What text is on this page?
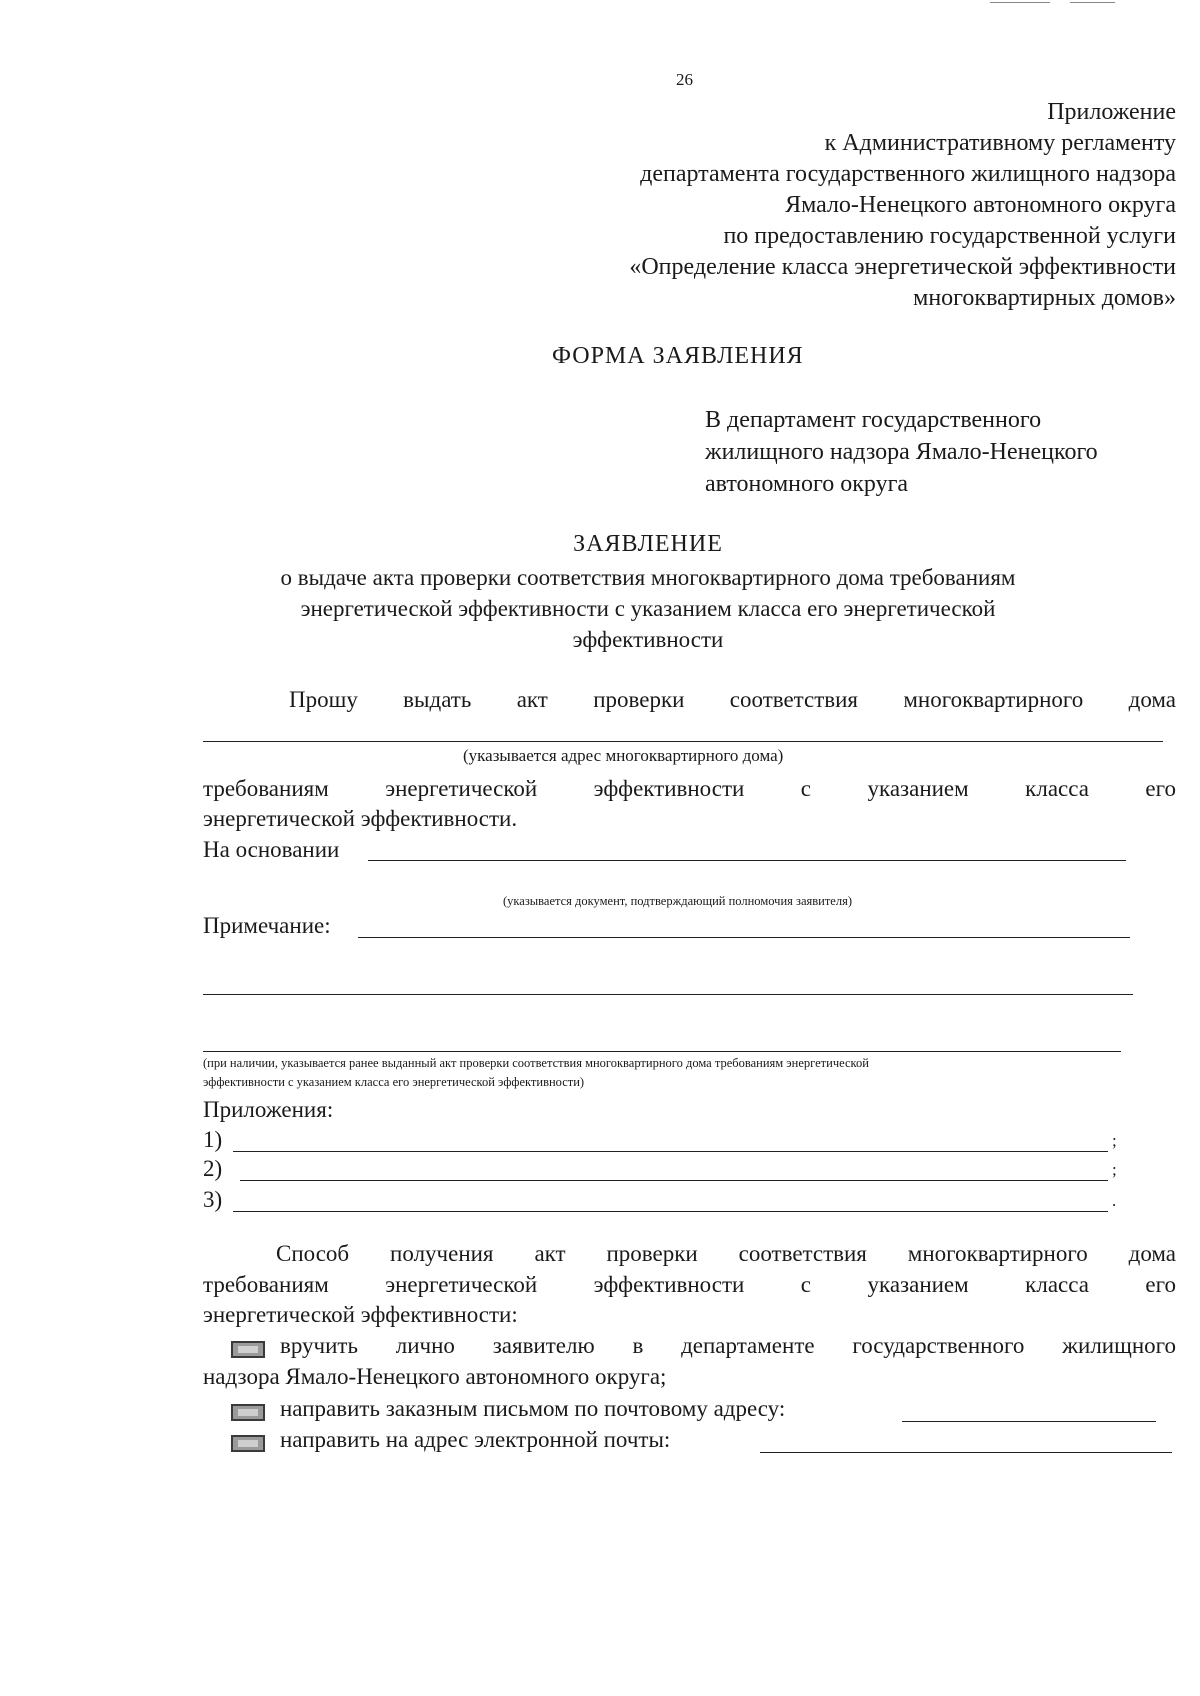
26
Приложение
к Административному регламенту
департамента государственного жилищного надзора
Ямало-Ненецкого автономного округа
по предоставлению государственной услуги
«Определение класса энергетической эффективности
многоквартирных домов»
ФОРМА ЗАЯВЛЕНИЯ
В департамент государственного
жилищного надзора Ямало-Ненецкого
автономного округа
ЗАЯВЛЕНИЕ
о выдаче акта проверки соответствия многоквартирного дома требованиям
энергетической эффективности с указанием класса его энергетической
эффективности
Прошу выдать акт проверки соответствия многоквартирного дома
(указывается адрес многоквартирного дома)
требованиям энергетической эффективности с указанием класса его
энергетической эффективности.
На основании
(указывается документ, подтверждающий полномочия заявителя)
Примечание:
(при наличии, указывается ранее выданный акт проверки соответствия многоквартирного дома требованиям энергетической
эффективности с указанием класса его энергетической эффективности)
Приложения:
1)	;
2)	;
3)	.
Способ получения акт проверки соответствия многоквартирного дома
требованиям энергетической эффективности с указанием класса его
энергетической эффективности:
вручить лично заявителю в департаменте государственного жилищного
надзора Ямало-Ненецкого автономного округа;
направить заказным письмом по почтовому адресу:
направить на адрес электронной почты:
